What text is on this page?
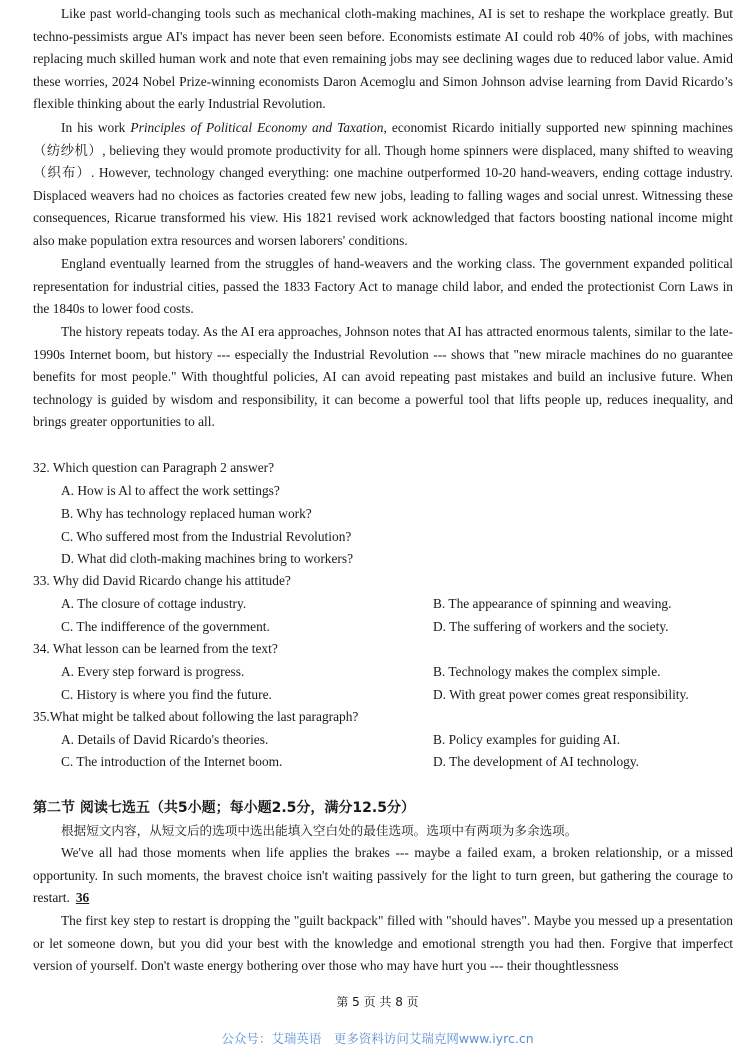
Like past world-changing tools such as mechanical cloth-making machines, AI is set to reshape the workplace greatly. But techno-pessimists argue AI's impact has never been seen before. Economists estimate AI could rob 40% of jobs, with machines replacing much skilled human work and note that even remaining jobs may see declining wages due to reduced labor value. Amid these worries, 2024 Nobel Prize-winning economists Daron Acemoglu and Simon Johnson advise learning from David Ricardo’s flexible thinking about the early Industrial Revolution.

In his work Principles of Political Economy and Taxation, economist Ricardo initially supported new spinning machines（纺纱机）, believing they would promote productivity for all. Though home spinners were displaced, many shifted to weaving（织布）. However, technology changed everything: one machine outperformed 10-20 hand-weavers, ending cottage industry. Displaced weavers had no choices as factories created few new jobs, leading to falling wages and social unrest. Witnessing these consequences, Ricarue transformed his view. His 1821 revised work acknowledged that factors boosting national income might also make population extra resources and worsen laborers' conditions.

England eventually learned from the struggles of hand-weavers and the working class. The government expanded political representation for industrial cities, passed the 1833 Factory Act to manage child labor, and ended the protectionist Corn Laws in the 1840s to lower food costs.

The history repeats today. As the AI era approaches, Johnson notes that AI has attracted enormous talents, similar to the late-1990s Internet boom, but history --- especially the Industrial Revolution --- shows that "new miracle machines do no guarantee benefits for most people." With thoughtful policies, AI can avoid repeating past mistakes and build an inclusive future. When technology is guided by wisdom and responsibility, it can become a powerful tool that lifts people up, reduces inequality, and brings greater opportunities to all.

32. Which question can Paragraph 2 answer?

A. How is Al to affect the work settings?

B. Why has technology replaced human work?

C. Who suffered most from the Industrial Revolution?

D. What did cloth-making machines bring to workers?

33. Why did David Ricardo change his attitude?

A. The closure of cottage industry.	B. The appearance of spinning and weaving.

C. The indifference of the government.	D. The suffering of workers and the society.

34. What lesson can be learned from the text?

A. Every step forward is progress.	B. Technology makes the complex simple.

C. History is where you find the future.	D. With great power comes great responsibility.

35.What might be talked about following the last paragraph?

A. Details of David Ricardo's theories.	B. Policy examples for guiding AI.

C. The introduction of the Internet boom.	D. The development of AI technology.

第二节 阅读七选五（共5小题；每小题2.5分，满分12.5分）

根据短文内容，从短文后的选项中选出能填入空白处的最佳选项。选项中有两项为多余选项。

We've all had those moments when life applies the brakes --- maybe a failed exam, a broken relationship, or a missed opportunity. In such moments, the bravest choice isn't waiting passively for the light to turn green, but gathering the courage to restart. 36

The first key step to restart is dropping the "guilt backpack" filled with "should haves". Maybe you messed up a presentation or let someone down, but you did your best with the knowledge and emotional strength you had then. Forgive that imperfect version of yourself. Don't waste energy bothering over those who may have hurt you --- their thoughtlessness

第 5 页 共 8 页

公众号：艾瑞英语　更多资料访问艾瑞克网www.iyrc.cn
